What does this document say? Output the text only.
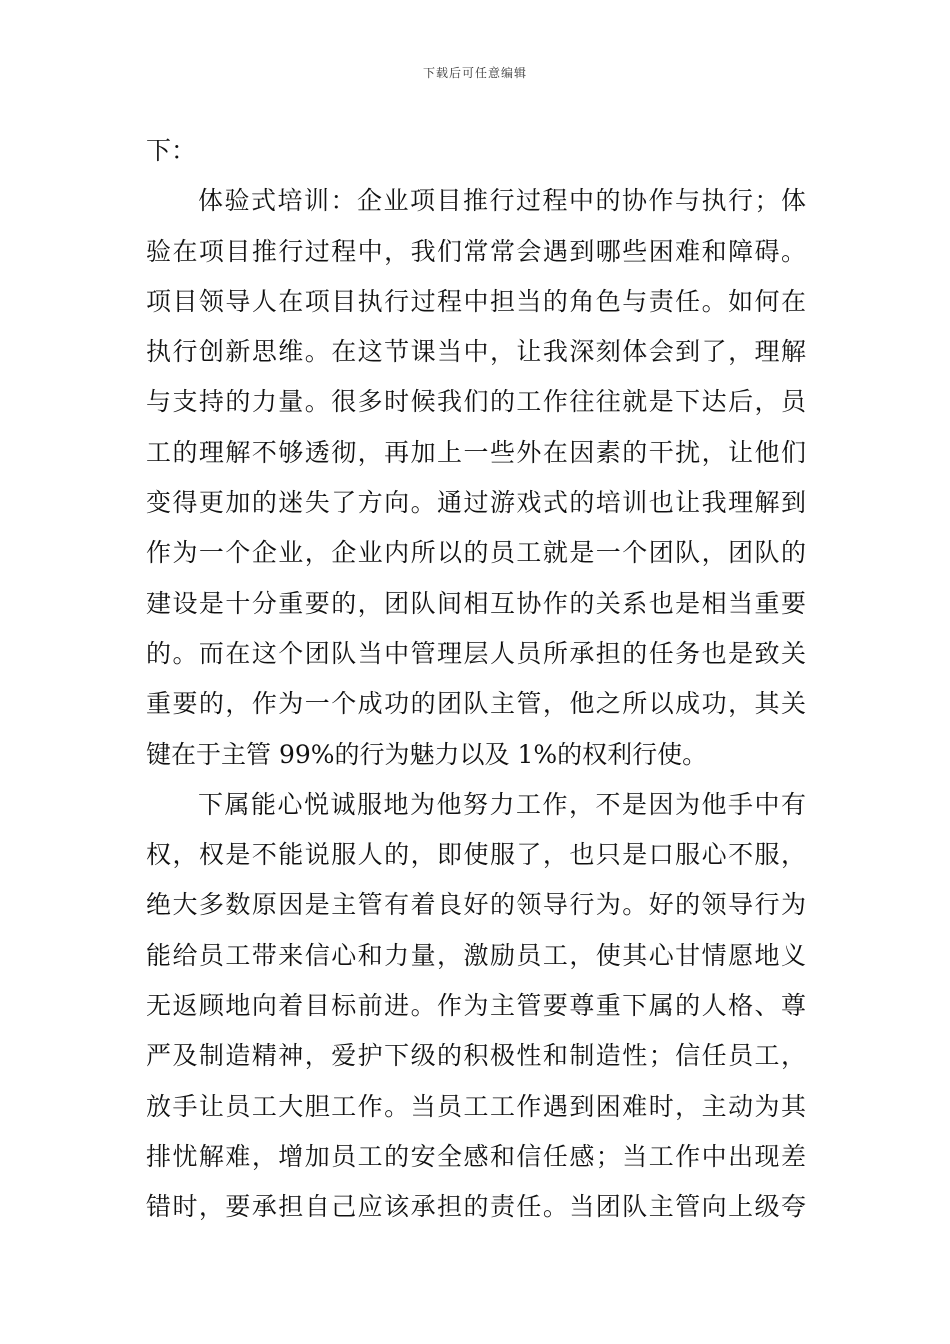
下载后可任意编辑
下：
体验式培训：企业项目推行过程中的协作与执行；体
验在项目推行过程中，我们常常会遇到哪些困难和障碍。
项目领导人在项目执行过程中担当的角色与责任。如何在
执行创新思维。在这节课当中，让我深刻体会到了，理解
与支持的力量。很多时候我们的工作往往就是下达后，员
工的理解不够透彻，再加上一些外在因素的干扰，让他们
变得更加的迷失了方向。通过游戏式的培训也让我理解到
作为一个企业，企业内所以的员工就是一个团队，团队的
建设是十分重要的，团队间相互协作的关系也是相当重要
的。而在这个团队当中管理层人员所承担的任务也是致关
重要的，作为一个成功的团队主管，他之所以成功，其关
键在于主管 99%的行为魅力以及 1%的权利行使。
下属能心悦诚服地为他努力工作，不是因为他手中有
权，权是不能说服人的，即使服了，也只是口服心不服，
绝大多数原因是主管有着良好的领导行为。好的领导行为
能给员工带来信心和力量，激励员工，使其心甘情愿地义
无返顾地向着目标前进。作为主管要尊重下属的人格、尊
严及制造精神，爱护下级的积极性和制造性；信任员工，
放手让员工大胆工作。当员工工作遇到困难时，主动为其
排忧解难，增加员工的安全感和信任感；当工作中出现差
错时，要承担自己应该承担的责任。当团队主管向上级夸
